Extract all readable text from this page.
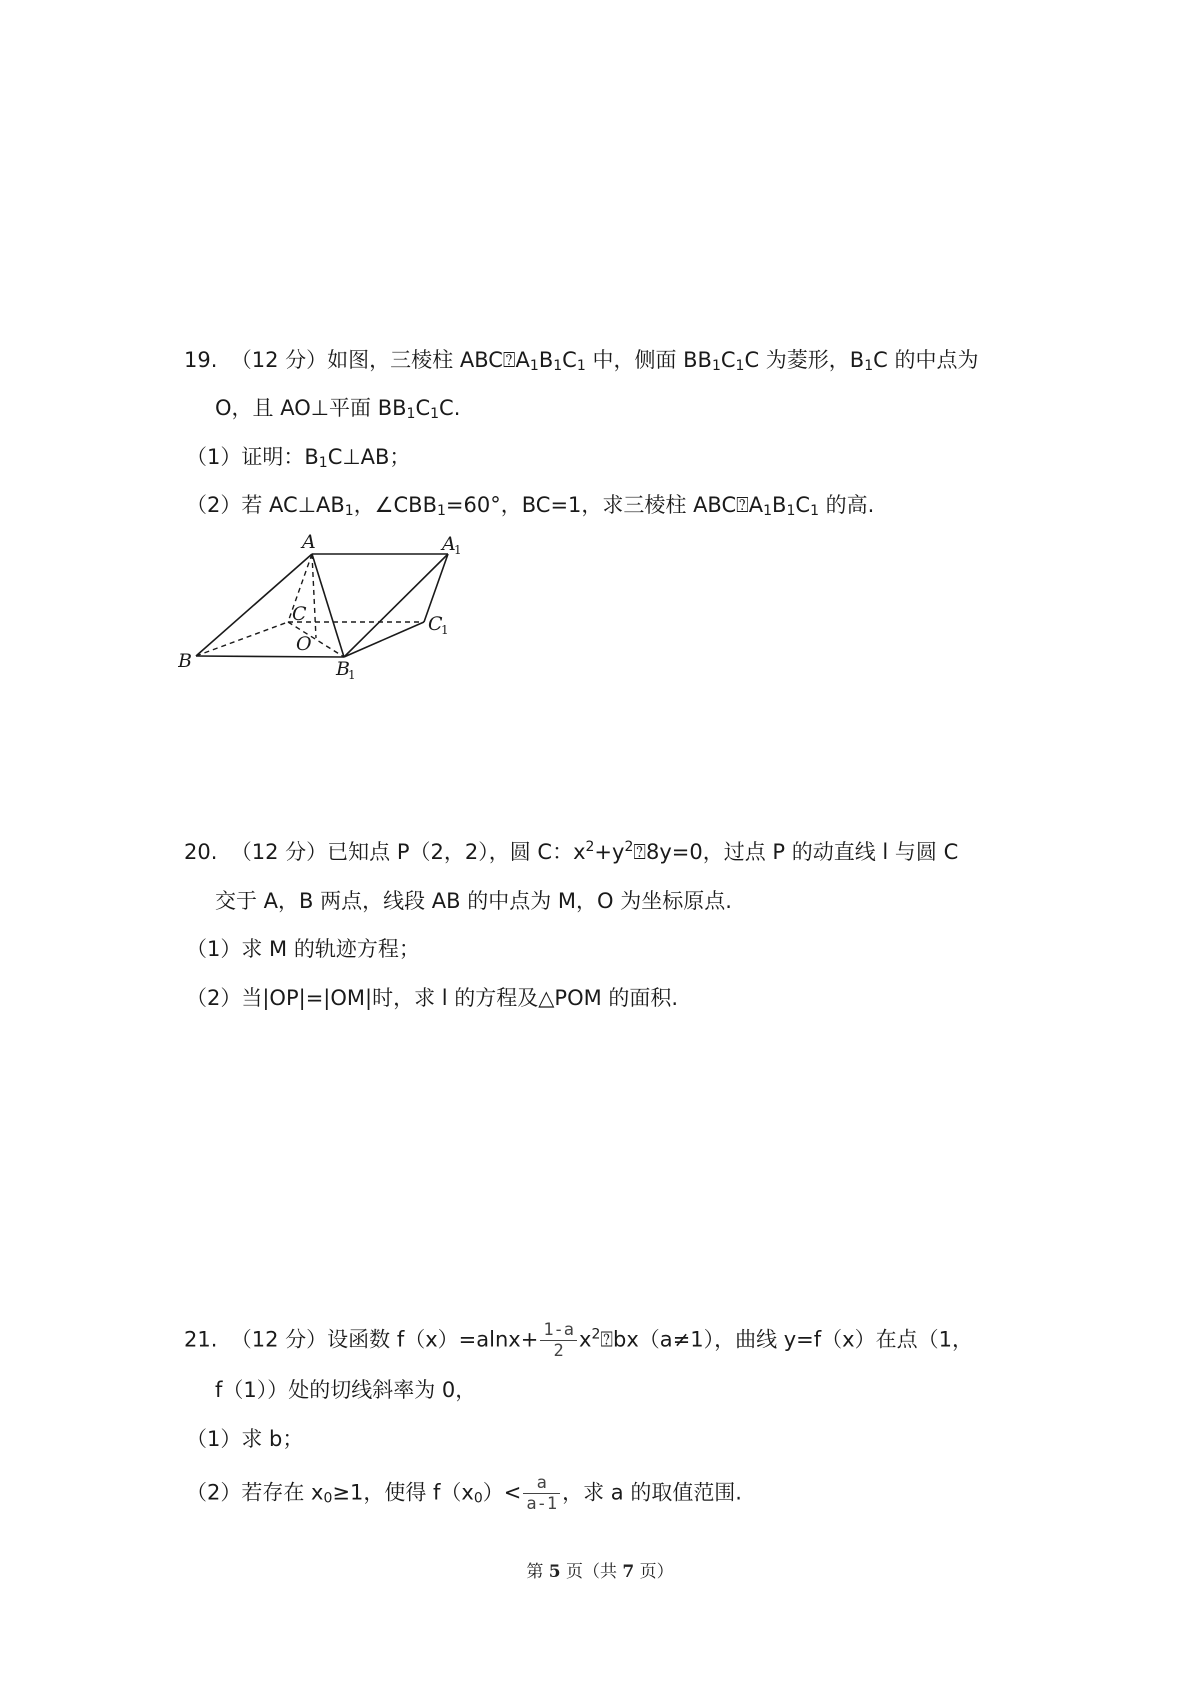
19. （12 分）如图，三棱柱 $ABC⍰A_1B_1C_1$ 中，侧面 $BB_1C_1C$ 为菱形，$B_1C$ 的中点为
O，且 AO⊥平面 $BB_1C_1C$.
（1）证明：$B_1C\perp AB$；
（2）若 $AC\perp AB_1$，$\angle CBB_1=60^\circ$，BC=1，求三棱柱 $ABC⍰A_1B_1C_1$ 的高.
A	A
1
C	C
1
O
B	B
1
20. （12 分）已知点 P（2，2），圆 C：$x^2+y^2⍰8y=0$，过点 P 的动直线 l 与圆 C
交于 A，B 两点，线段 AB 的中点为 M，O 为坐标原点.
（1）求 M 的轨迹方程；
（2）当|OP|=|OM|时，求 l 的方程及△POM 的面积.
21. （12 分）设函数 $f(x)=alnx+ \frac{1-a}{2}$ $x^2⍰bx(a\ne 1)$，曲线 y=f（x）在点（1，
f（1））处的切线斜率为 0，
（1）求 b；
（2）若存在 $x_0\ge 1$，使得 $f(x_0)< \frac{a}{a-1}$ ，求 a 的取值范围.
第 5 页（共 7 页）
